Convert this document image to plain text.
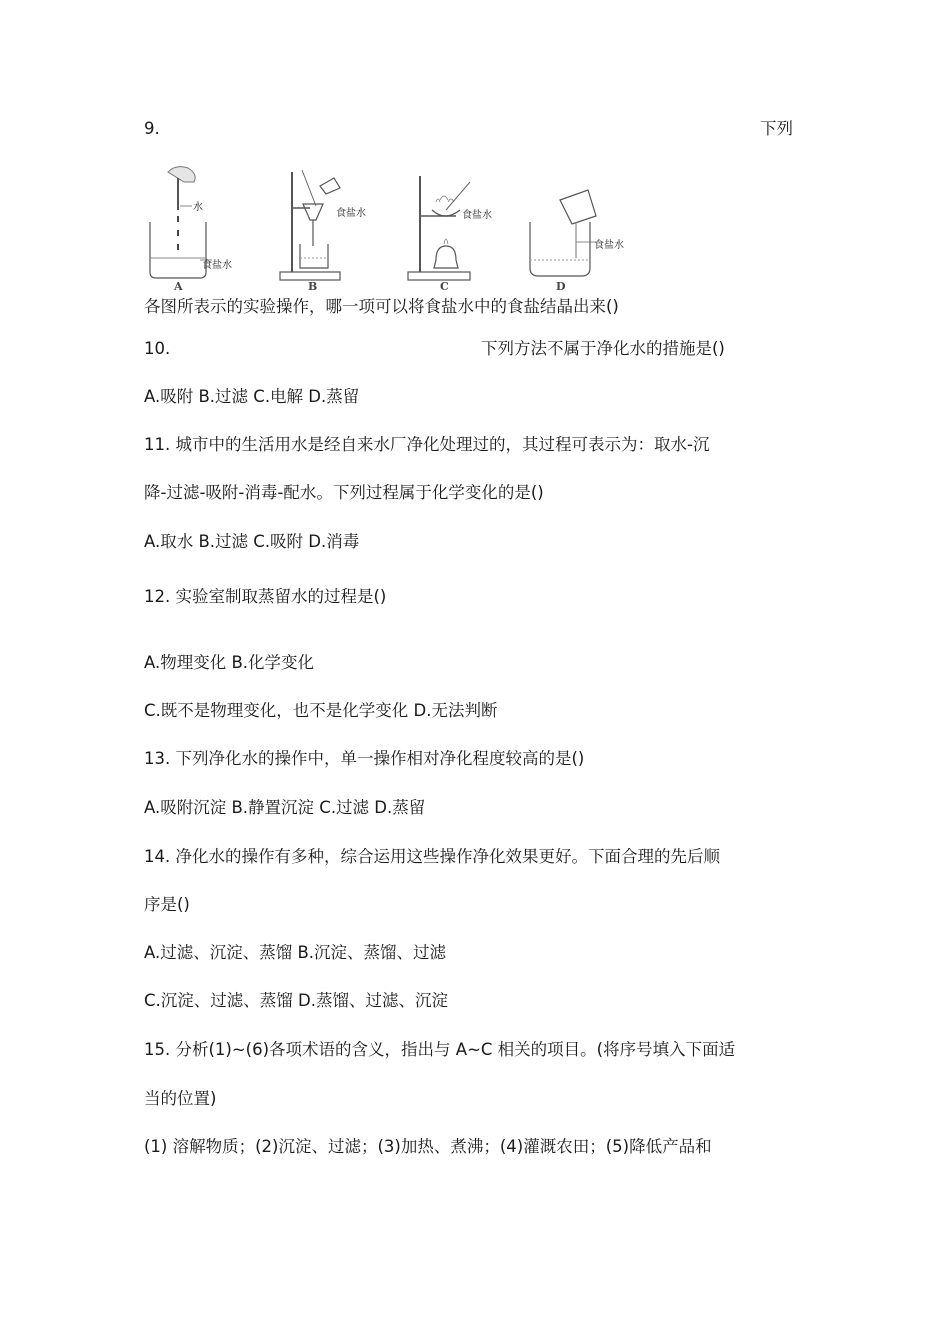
9.	下列
水
食盐水
A
食盐水
B
食盐水
C
食盐水
D
各图所表示的实验操作，哪一项可以将食盐水中的食盐结晶出来()
10.	下列方法不属于净化水的措施是()
A.吸附 B.过滤 C.电解 D.蒸留
11. 城市中的生活用水是经自来水厂净化处理过的，其过程可表示为：取水-沉
降-过滤-吸附-消毒-配水。下列过程属于化学变化的是()
A.取水 B.过滤 C.吸附 D.消毒
12. 实验室制取蒸留水的过程是()
A.物理变化 B.化学变化
C.既不是物理变化，也不是化学变化 D.无法判断
13. 下列净化水的操作中，单一操作相对净化程度较高的是()
A.吸附沉淀 B.静置沉淀 C.过滤 D.蒸留
14. 净化水的操作有多种，综合运用这些操作净化效果更好。下面合理的先后顺
序是()
A.过滤、沉淀、蒸馏 B.沉淀、蒸馏、过滤
C.沉淀、过滤、蒸馏 D.蒸馏、过滤、沉淀
15. 分析(1)~(6)各项术语的含义，指出与 A~C 相关的项目。(将序号填入下面适
当的位置)
(1) 溶解物质；(2)沉淀、过滤；(3)加热、煮沸；(4)灌溉农田；(5)降低产品和
